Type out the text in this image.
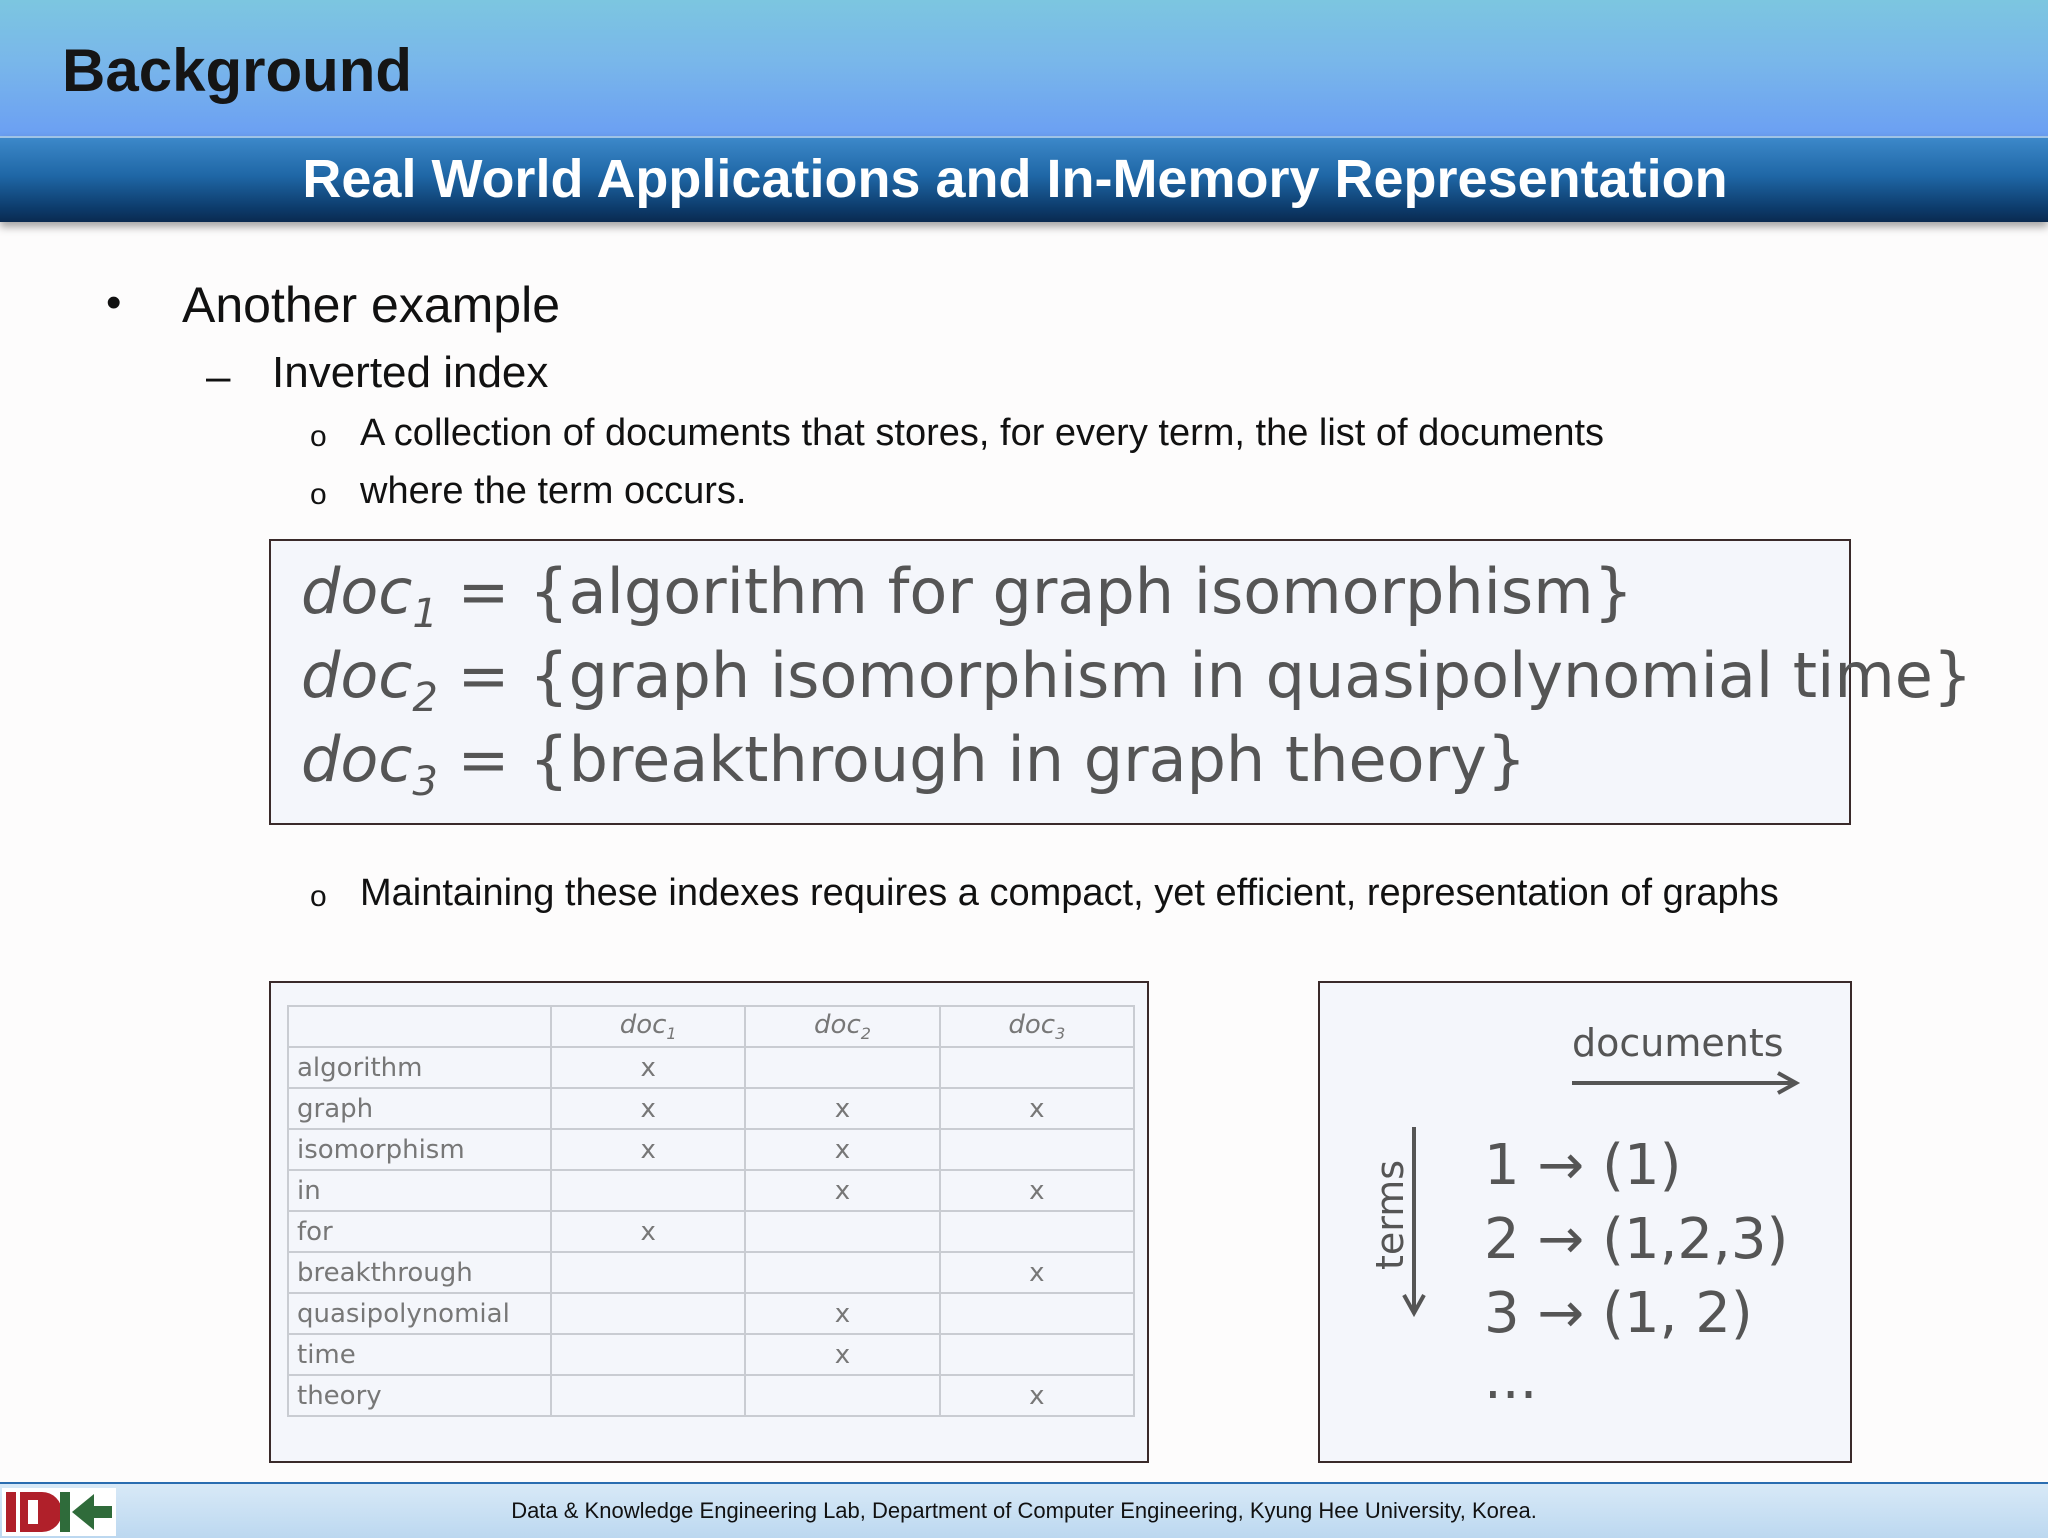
Background
Real World Applications and In-Memory Representation
• Another example
– Inverted index
o A collection of documents that stores, for every term, the list of documents
o where the term occurs.
doc$_1$ = {algorithm for graph isomorphism}
doc$_2$ = {graph isomorphism in quasipolynomial time}
doc$_3$ = {breakthrough in graph theory}
o Maintaining these indexes requires a compact, yet efficient, representation of graphs
	doc$_1$	doc$_2$	doc$_3$
algorithm	x		
graph	x	x	x
isomorphism	x	x	
in		x	x
for	x		
breakthrough			x
quasipolynomial		x	
time		x	
theory			x
documents
terms 1 → (1)
2 → (1,2,3)
3 → (1, 2)
...
Data & Knowledge Engineering Lab, Department of Computer Engineering, Kyung Hee University, Korea.
